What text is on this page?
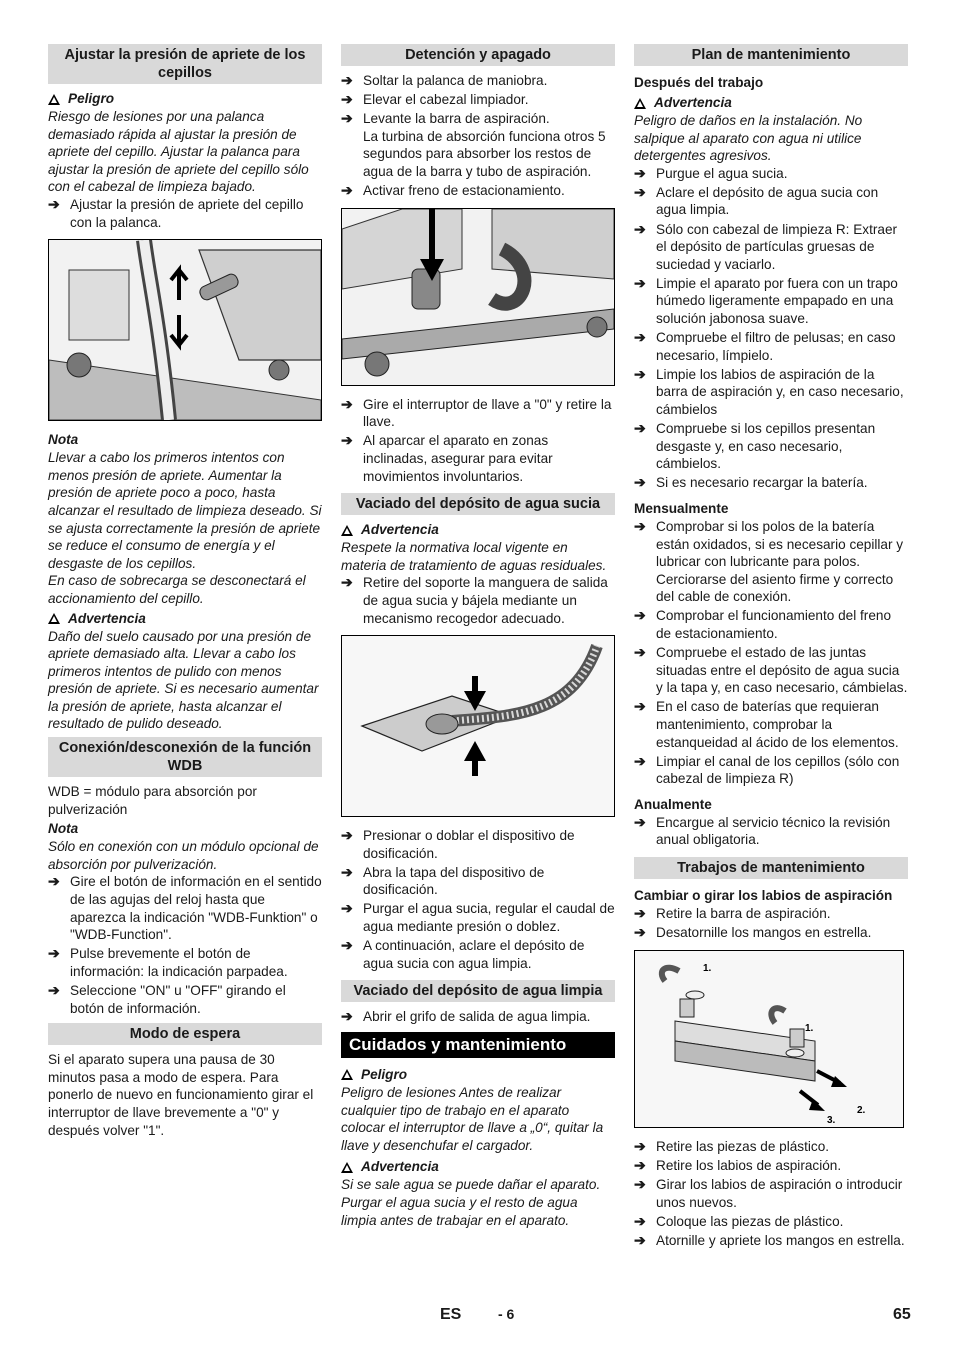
Ajustar la presión de apriete de los cepillos
Peligro

Riesgo de lesiones por una palanca demasiado rápida al ajustar la presión de apriete del cepillo. Ajustar la palanca para ajustar la presión de apriete del cepillo sólo con el cabezal de limpieza bajado.

➔ Ajustar la presión de apriete del cepillo con la palanca.
Nota

Llevar a cabo los primeros intentos con menos presión de apriete. Aumentar la presión de apriete poco a poco, hasta alcanzar el resultado de limpieza deseado. Si se ajusta correctamente la presión de apriete se reduce el consumo de energía y el desgaste de los cepillos.

En caso de sobrecarga se desconectará el accionamiento del cepillo.

Advertencia

Daño del suelo causado por una presión de apriete demasiado alta. Llevar a cabo los primeros intentos de pulido con menos presión de apriete. Si es necesario aumentar la presión de apriete, hasta alcanzar el resultado de pulido deseado.

Conexión/desconexión de la función WDB

WDB = módulo para absorción por pulverización

Nota

Sólo en conexión con un módulo opcional de absorción por pulverización.

➔ Gire el botón de información en el sentido de las agujas del reloj hasta que aparezca la indicación "WDB-Funktion" o "WDB-Function".
➔ Pulse brevemente el botón de información: la indicación parpadea.
➔ Seleccione "ON" u "OFF" girando el botón de información.
Modo de espera

Si el aparato supera una pausa de 30 minutos pasa a modo de espera. Para ponerlo de nuevo en funcionamiento girar el interruptor de llave brevemente a "0" y después volver "1".

Detención y apagado
➔ Soltar la palanca de maniobra.
➔ Elevar el cabezal limpiador.
➔ Levante la barra de aspiración.
La turbina de absorción funciona otros 5 segundos para absorber los restos de agua de la barra y tubo de aspiración.
➔ Activar freno de estacionamiento.
➔ Gire el interruptor de llave a "0" y retire la llave.
➔ Al aparcar el aparato en zonas inclinadas, asegurar para evitar movimientos involuntarios.
Vaciado del depósito de agua sucia
Advertencia

Respete la normativa local vigente en materia de tratamiento de aguas residuales.

➔ Retire del soporte la manguera de salida de agua sucia y bájela mediante un mecanismo recogedor adecuado.
➔ Presionar o doblar el dispositivo de dosificación.
➔ Abra la tapa del dispositivo de dosificación.
➔ Purgar el agua sucia, regular el caudal de agua mediante presión o doblez.
➔ A continuación, aclare el depósito de agua sucia con agua limpia.
Vaciado del depósito de agua limpia
➔ Abrir el grifo de salida de agua limpia.
Cuidados y mantenimiento
Peligro

Peligro de lesiones Antes de realizar cualquier tipo de trabajo en el aparato colocar el interruptor de llave a „0“, quitar la llave y desenchufar el cargador.

Advertencia

Si se sale agua se puede dañar el aparato. Purgar el agua sucia y el resto de agua limpia antes de trabajar en el aparato.

Plan de mantenimiento
Después del trabajo
Advertencia

Peligro de daños en la instalación. No salpique al aparato con agua ni utilice detergentes agresivos.

➔ Purgue el agua sucia.
➔ Aclare el depósito de agua sucia con agua limpia.
➔ Sólo con cabezal de limpieza R: Extraer el depósito de partículas gruesas de suciedad y vaciarlo.
➔ Limpie el aparato por fuera con un trapo húmedo ligeramente empapado en una solución jabonosa suave.
➔ Compruebe el filtro de pelusas; en caso necesario, límpielo.
➔ Limpie los labios de aspiración de la barra de aspiración y, en caso necesario, cámbielos
➔ Compruebe si los cepillos presentan desgaste y, en caso necesario, cámbielos.
➔ Si es necesario recargar la batería.
Mensualmente
➔ Comprobar si los polos de la batería están oxidados, si es necesario cepillar y lubricar con lubricante para polos. Cerciorarse del asiento firme y correcto del cable de conexión.
➔ Comprobar el funcionamiento del freno de estacionamiento.
➔ Compruebe el estado de las juntas situadas entre el depósito de agua sucia y la tapa y, en caso necesario, cámbielas.
➔ En el caso de baterías que requieran mantenimiento, comprobar la estanqueidad al ácido de los elementos.
➔ Limpiar el canal de los cepillos (sólo con cabezal de limpieza R)
Anualmente
➔ Encargue al servicio técnico la revisión anual obligatoria.
Trabajos de mantenimiento
Cambiar o girar los labios de aspiración
➔ Retire la barra de aspiración.
➔ Desatornille los mangos en estrella.
1.
1.
2.
3.
➔ Retire las piezas de plástico.
➔ Retire los labios de aspiración.
➔ Girar los labios de aspiración o introducir unos nuevos.
➔ Coloque las piezas de plástico.
➔ Atornille y apriete los mangos en estrella.
ES	- 6	65
